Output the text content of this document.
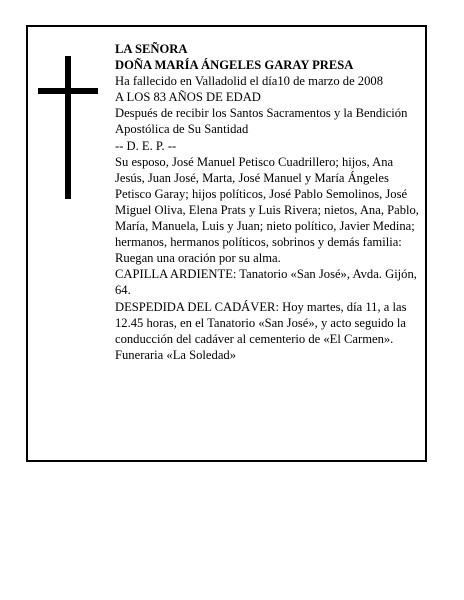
LA SEÑORA

DOÑA MARÍA ÁNGELES GARAY PRESA

Ha fallecido en Valladolid el día10 de marzo de 2008

A LOS 83 AÑOS DE EDAD

Después de recibir los Santos Sacramentos y la Bendición Apostólica de Su Santidad

-- D. E. P. --

Su esposo, José Manuel Petisco Cuadrillero; hijos, Ana Jesús, Juan José, Marta, José Manuel y María Ángeles Petisco Garay; hijos políticos, José Pablo Semolinos, José Miguel Oliva, Elena Prats y Luis Rivera; nietos, Ana, Pablo, María, Manuela, Luis y Juan; nieto político, Javier Medina; hermanos, hermanos políticos, sobrinos y demás familia:

Ruegan una oración por su alma.

CAPILLA ARDIENTE: Tanatorio «San José», Avda. Gijón, 64.

DESPEDIDA DEL CADÁVER: Hoy martes, día 11, a las 12.45 horas, en el Tanatorio «San José», y acto seguido la conducción del cadáver al cementerio de «El Carmen».

Funeraria «La Soledad»
